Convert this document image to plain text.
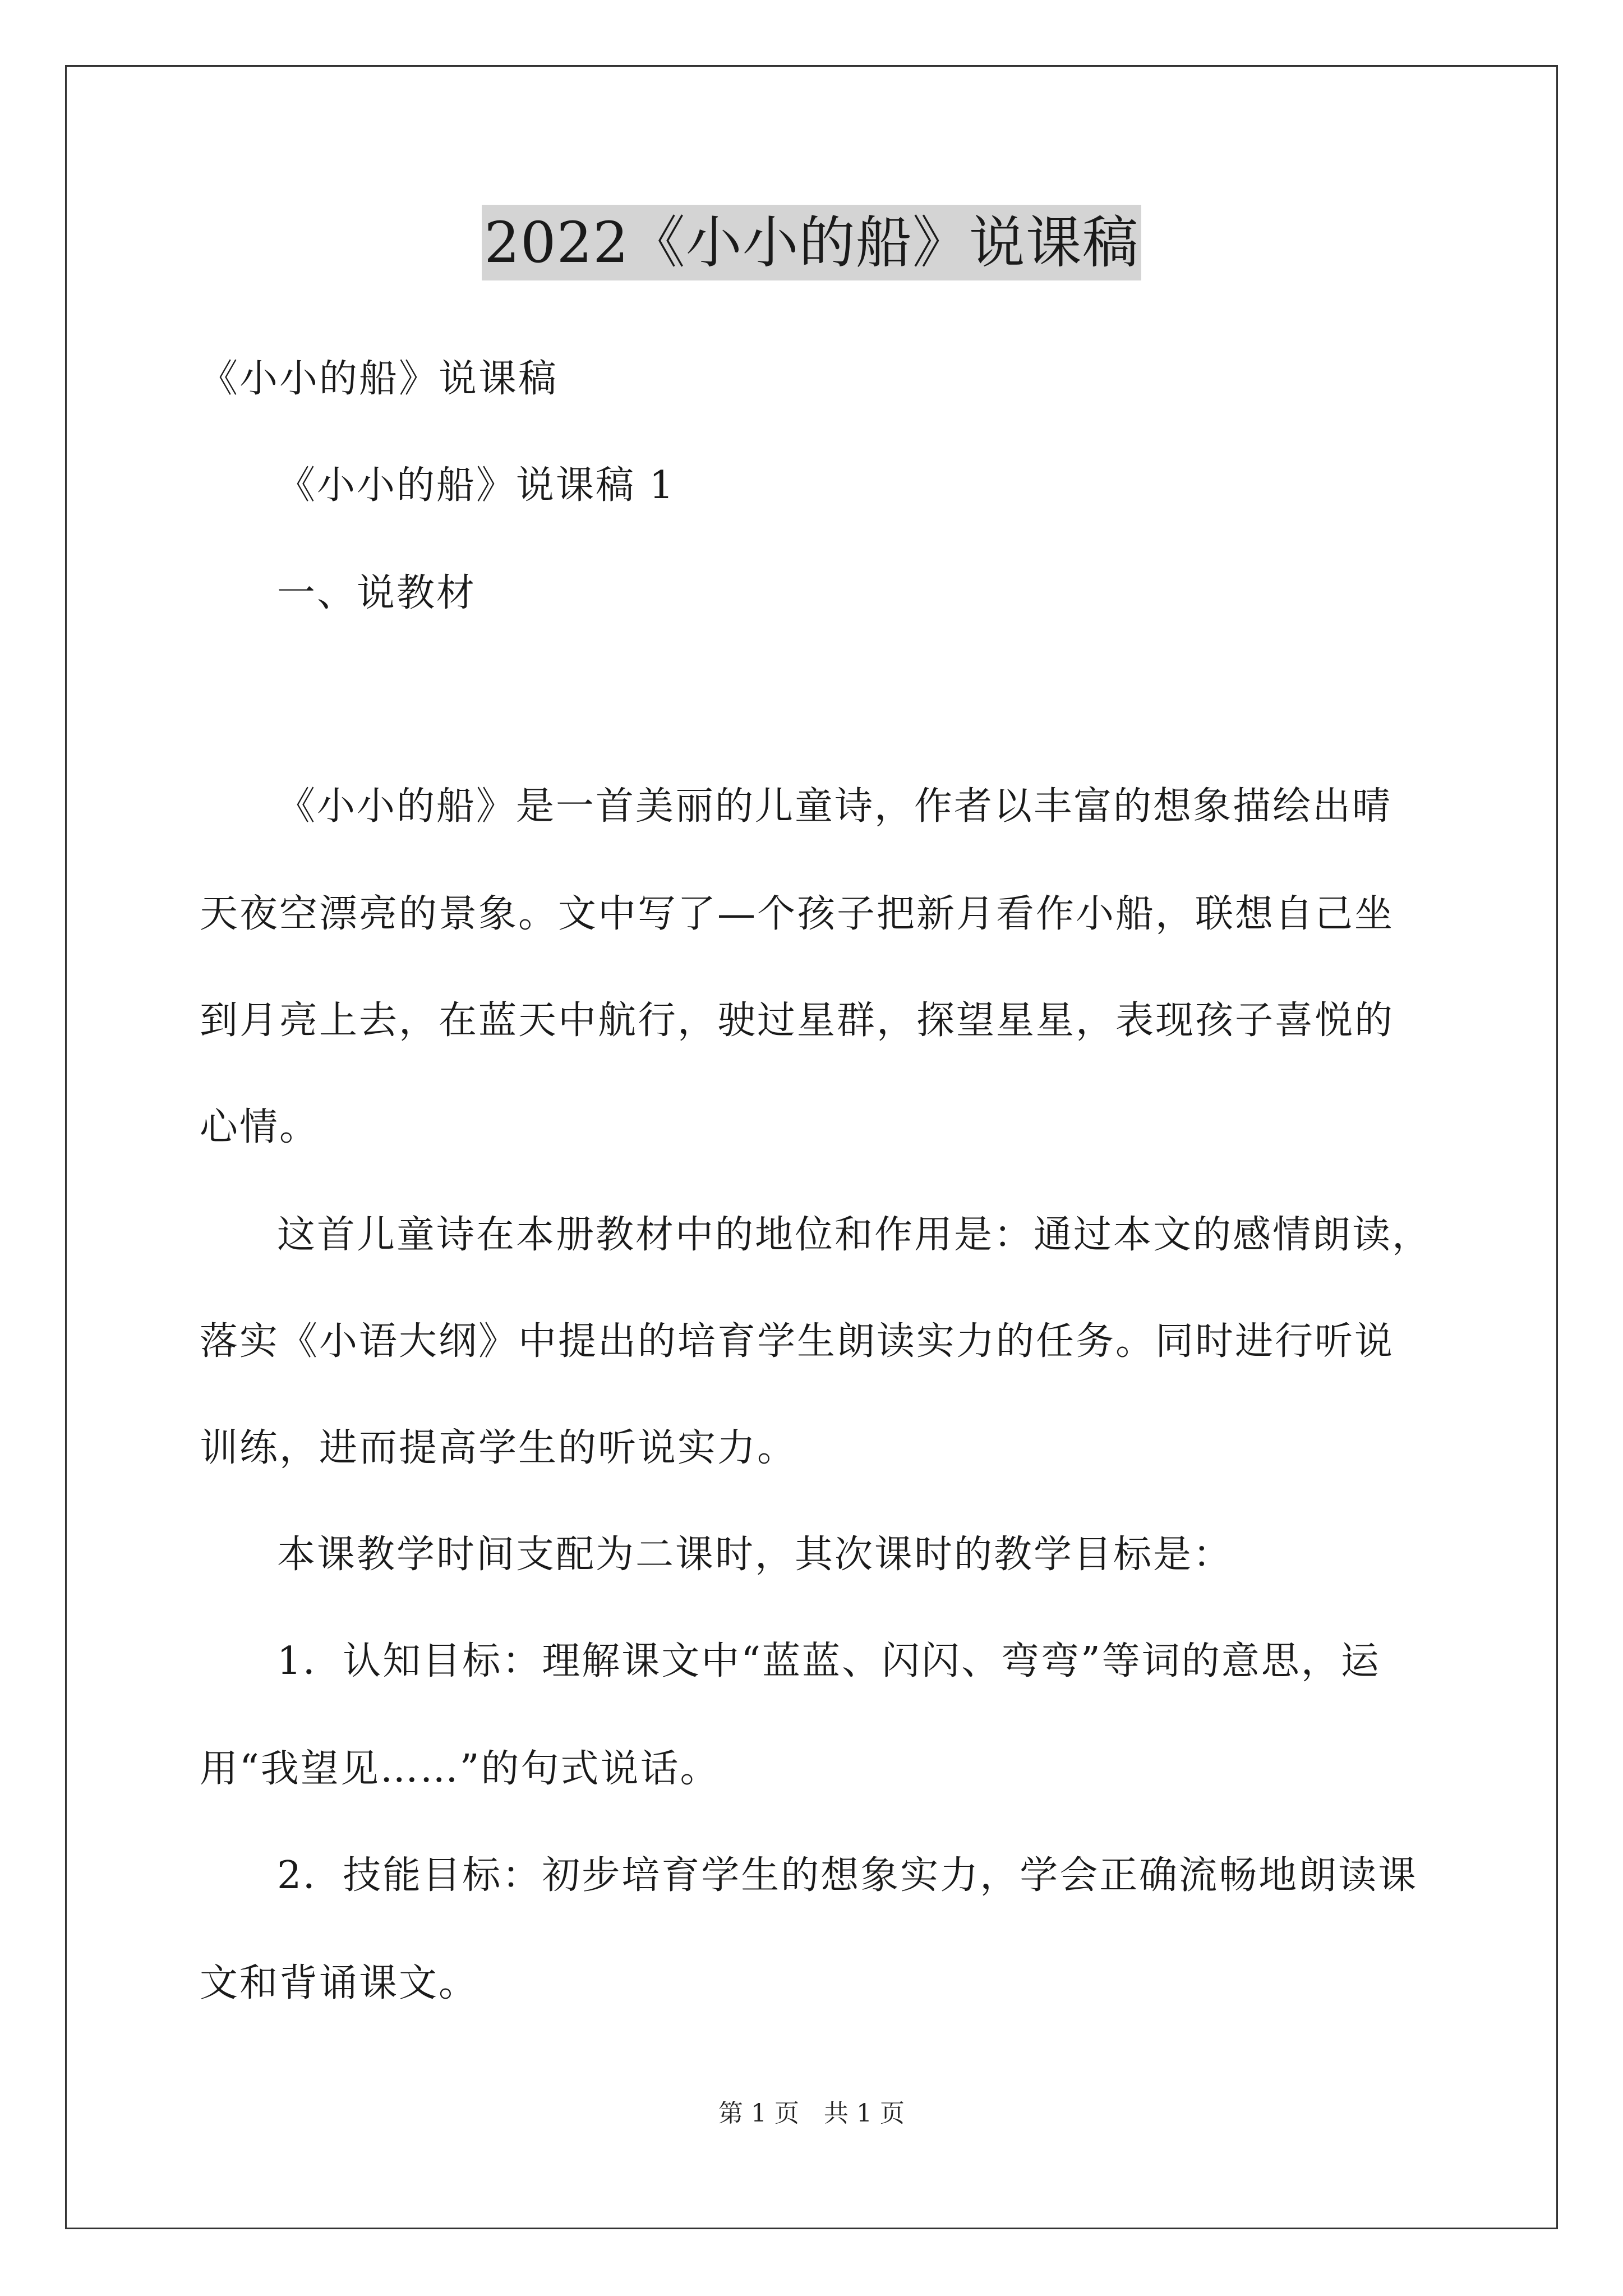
2022《小小的船》说课稿
《小小的船》说课稿
《小小的船》说课稿 1
一、说教材
《小小的船》是一首美丽的儿童诗，作者以丰富的想象描绘出晴
天夜空漂亮的景象。文中写了—个孩子把新月看作小船，联想自己坐
到月亮上去，在蓝天中航行，驶过星群，探望星星，表现孩子喜悦的
心情。
这首儿童诗在本册教材中的地位和作用是：通过本文的感情朗读，
落实《小语大纲》中提出的培育学生朗读实力的任务。同时进行听说
训练，进而提高学生的听说实力。
本课教学时间支配为二课时，其次课时的教学目标是：
1．认知目标：理解课文中“蓝蓝、闪闪、弯弯”等词的意思，运
用“我望见……”的句式说话。
2．技能目标：初步培育学生的想象实力，学会正确流畅地朗读课
文和背诵课文。
第 1 页　共 1 页
